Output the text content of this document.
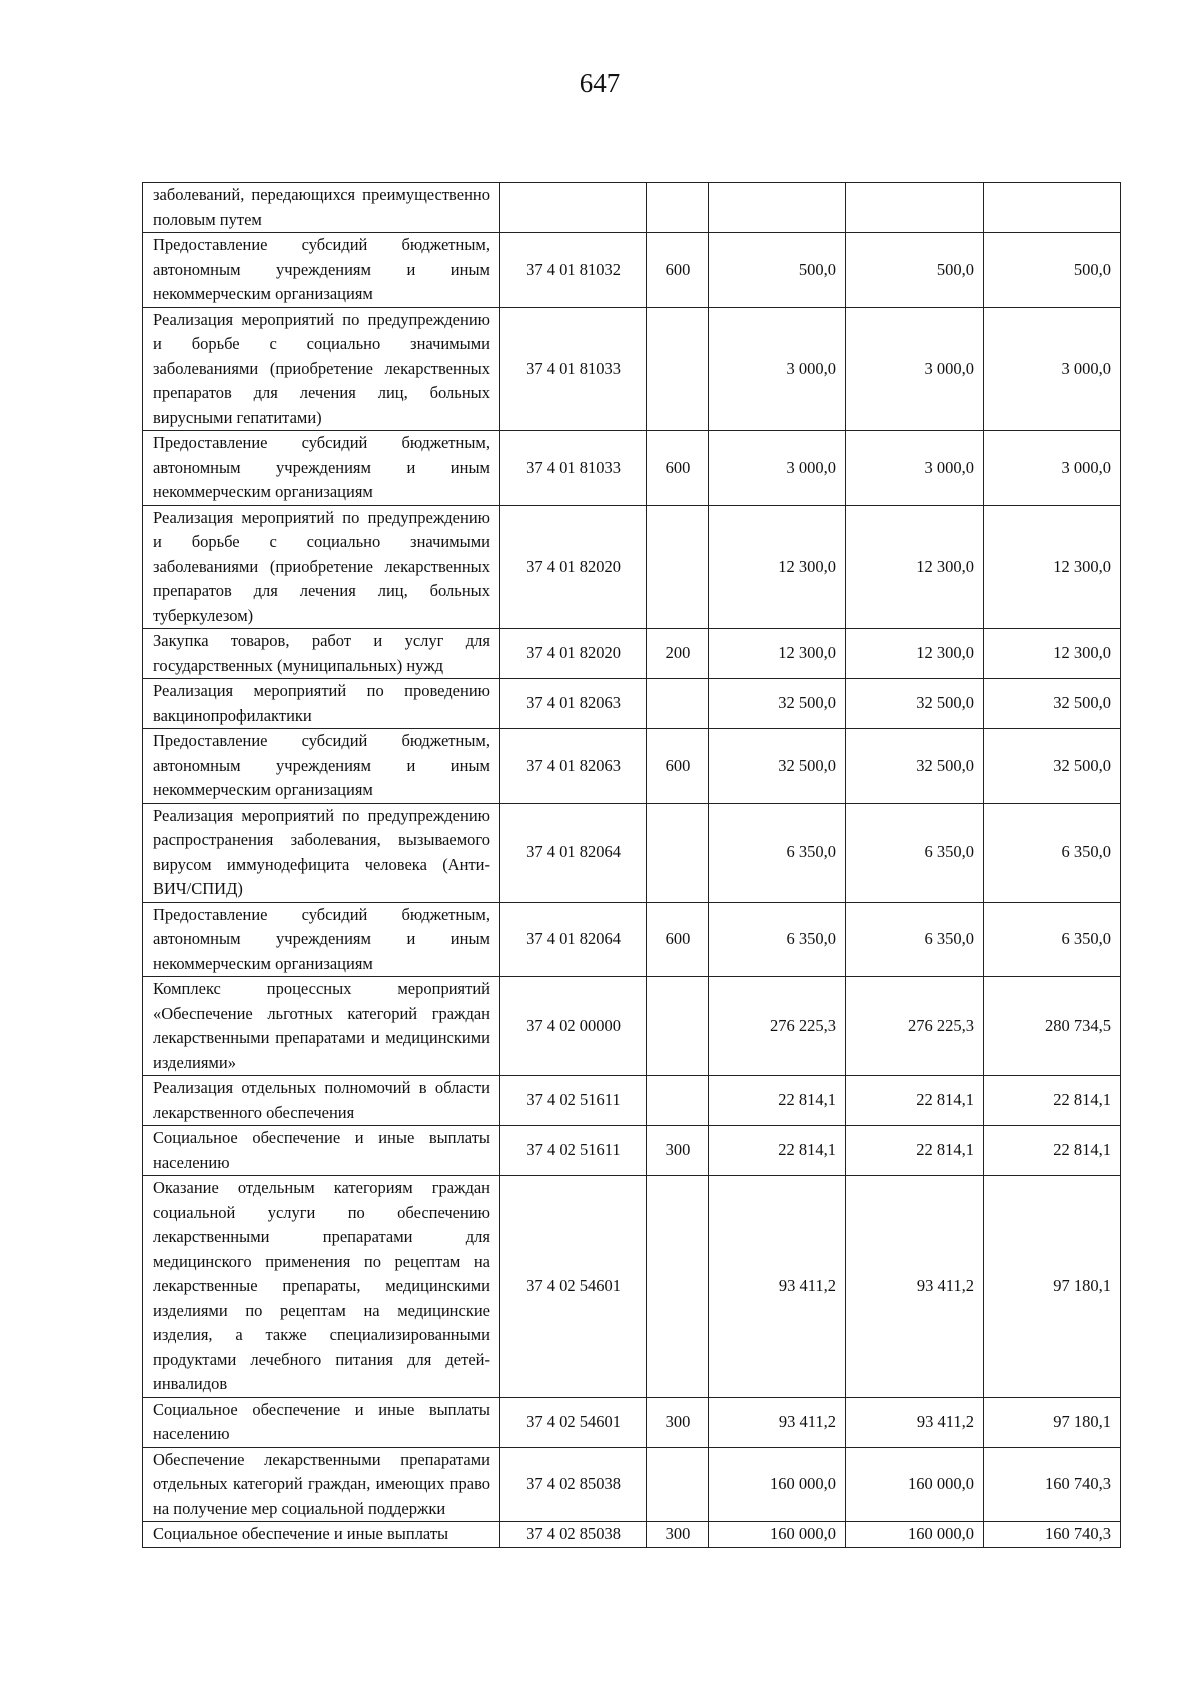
647
заболеваний, передающихся преимущественно половым путем					
Предоставление субсидий бюджетным, автономным учреждениям и иным некоммерческим организациям	37 4 01 81032	600	500,0	500,0	500,0
Реализация мероприятий по предупреждению и борьбе с социально значимыми заболеваниями (приобретение лекарственных препаратов для лечения лиц, больных вирусными гепатитами)	37 4 01 81033		3 000,0	3 000,0	3 000,0
Предоставление субсидий бюджетным, автономным учреждениям и иным некоммерческим организациям	37 4 01 81033	600	3 000,0	3 000,0	3 000,0
Реализация мероприятий по предупреждению и борьбе с социально значимыми заболеваниями (приобретение лекарственных препаратов для лечения лиц, больных туберкулезом)	37 4 01 82020		12 300,0	12 300,0	12 300,0
Закупка товаров, работ и услуг для государственных (муниципальных) нужд	37 4 01 82020	200	12 300,0	12 300,0	12 300,0
Реализация мероприятий по проведению вакцинопрофилактики	37 4 01 82063		32 500,0	32 500,0	32 500,0
Предоставление субсидий бюджетным, автономным учреждениям и иным некоммерческим организациям	37 4 01 82063	600	32 500,0	32 500,0	32 500,0
Реализация мероприятий по предупреждению распространения заболевания, вызываемого вирусом иммунодефицита человека (Анти-ВИЧ/СПИД)	37 4 01 82064		6 350,0	6 350,0	6 350,0
Предоставление субсидий бюджетным, автономным учреждениям и иным некоммерческим организациям	37 4 01 82064	600	6 350,0	6 350,0	6 350,0
Комплекс процессных мероприятий «Обеспечение льготных категорий граждан лекарственными препаратами и медицинскими изделиями»	37 4 02 00000		276 225,3	276 225,3	280 734,5
Реализация отдельных полномочий в области лекарственного обеспечения	37 4 02 51611		22 814,1	22 814,1	22 814,1
Социальное обеспечение и иные выплаты населению	37 4 02 51611	300	22 814,1	22 814,1	22 814,1
Оказание отдельным категориям граждан социальной услуги по обеспечению лекарственными препаратами для медицинского применения по рецептам на лекарственные препараты, медицинскими изделиями по рецептам на медицинские изделия, а также специализированными продуктами лечебного питания для детей-инвалидов	37 4 02 54601		93 411,2	93 411,2	97 180,1
Социальное обеспечение и иные выплаты населению	37 4 02 54601	300	93 411,2	93 411,2	97 180,1
Обеспечение лекарственными препаратами отдельных категорий граждан, имеющих право на получение мер социальной поддержки	37 4 02 85038		160 000,0	160 000,0	160 740,3
Социальное обеспечение и иные выплаты	37 4 02 85038	300	160 000,0	160 000,0	160 740,3
